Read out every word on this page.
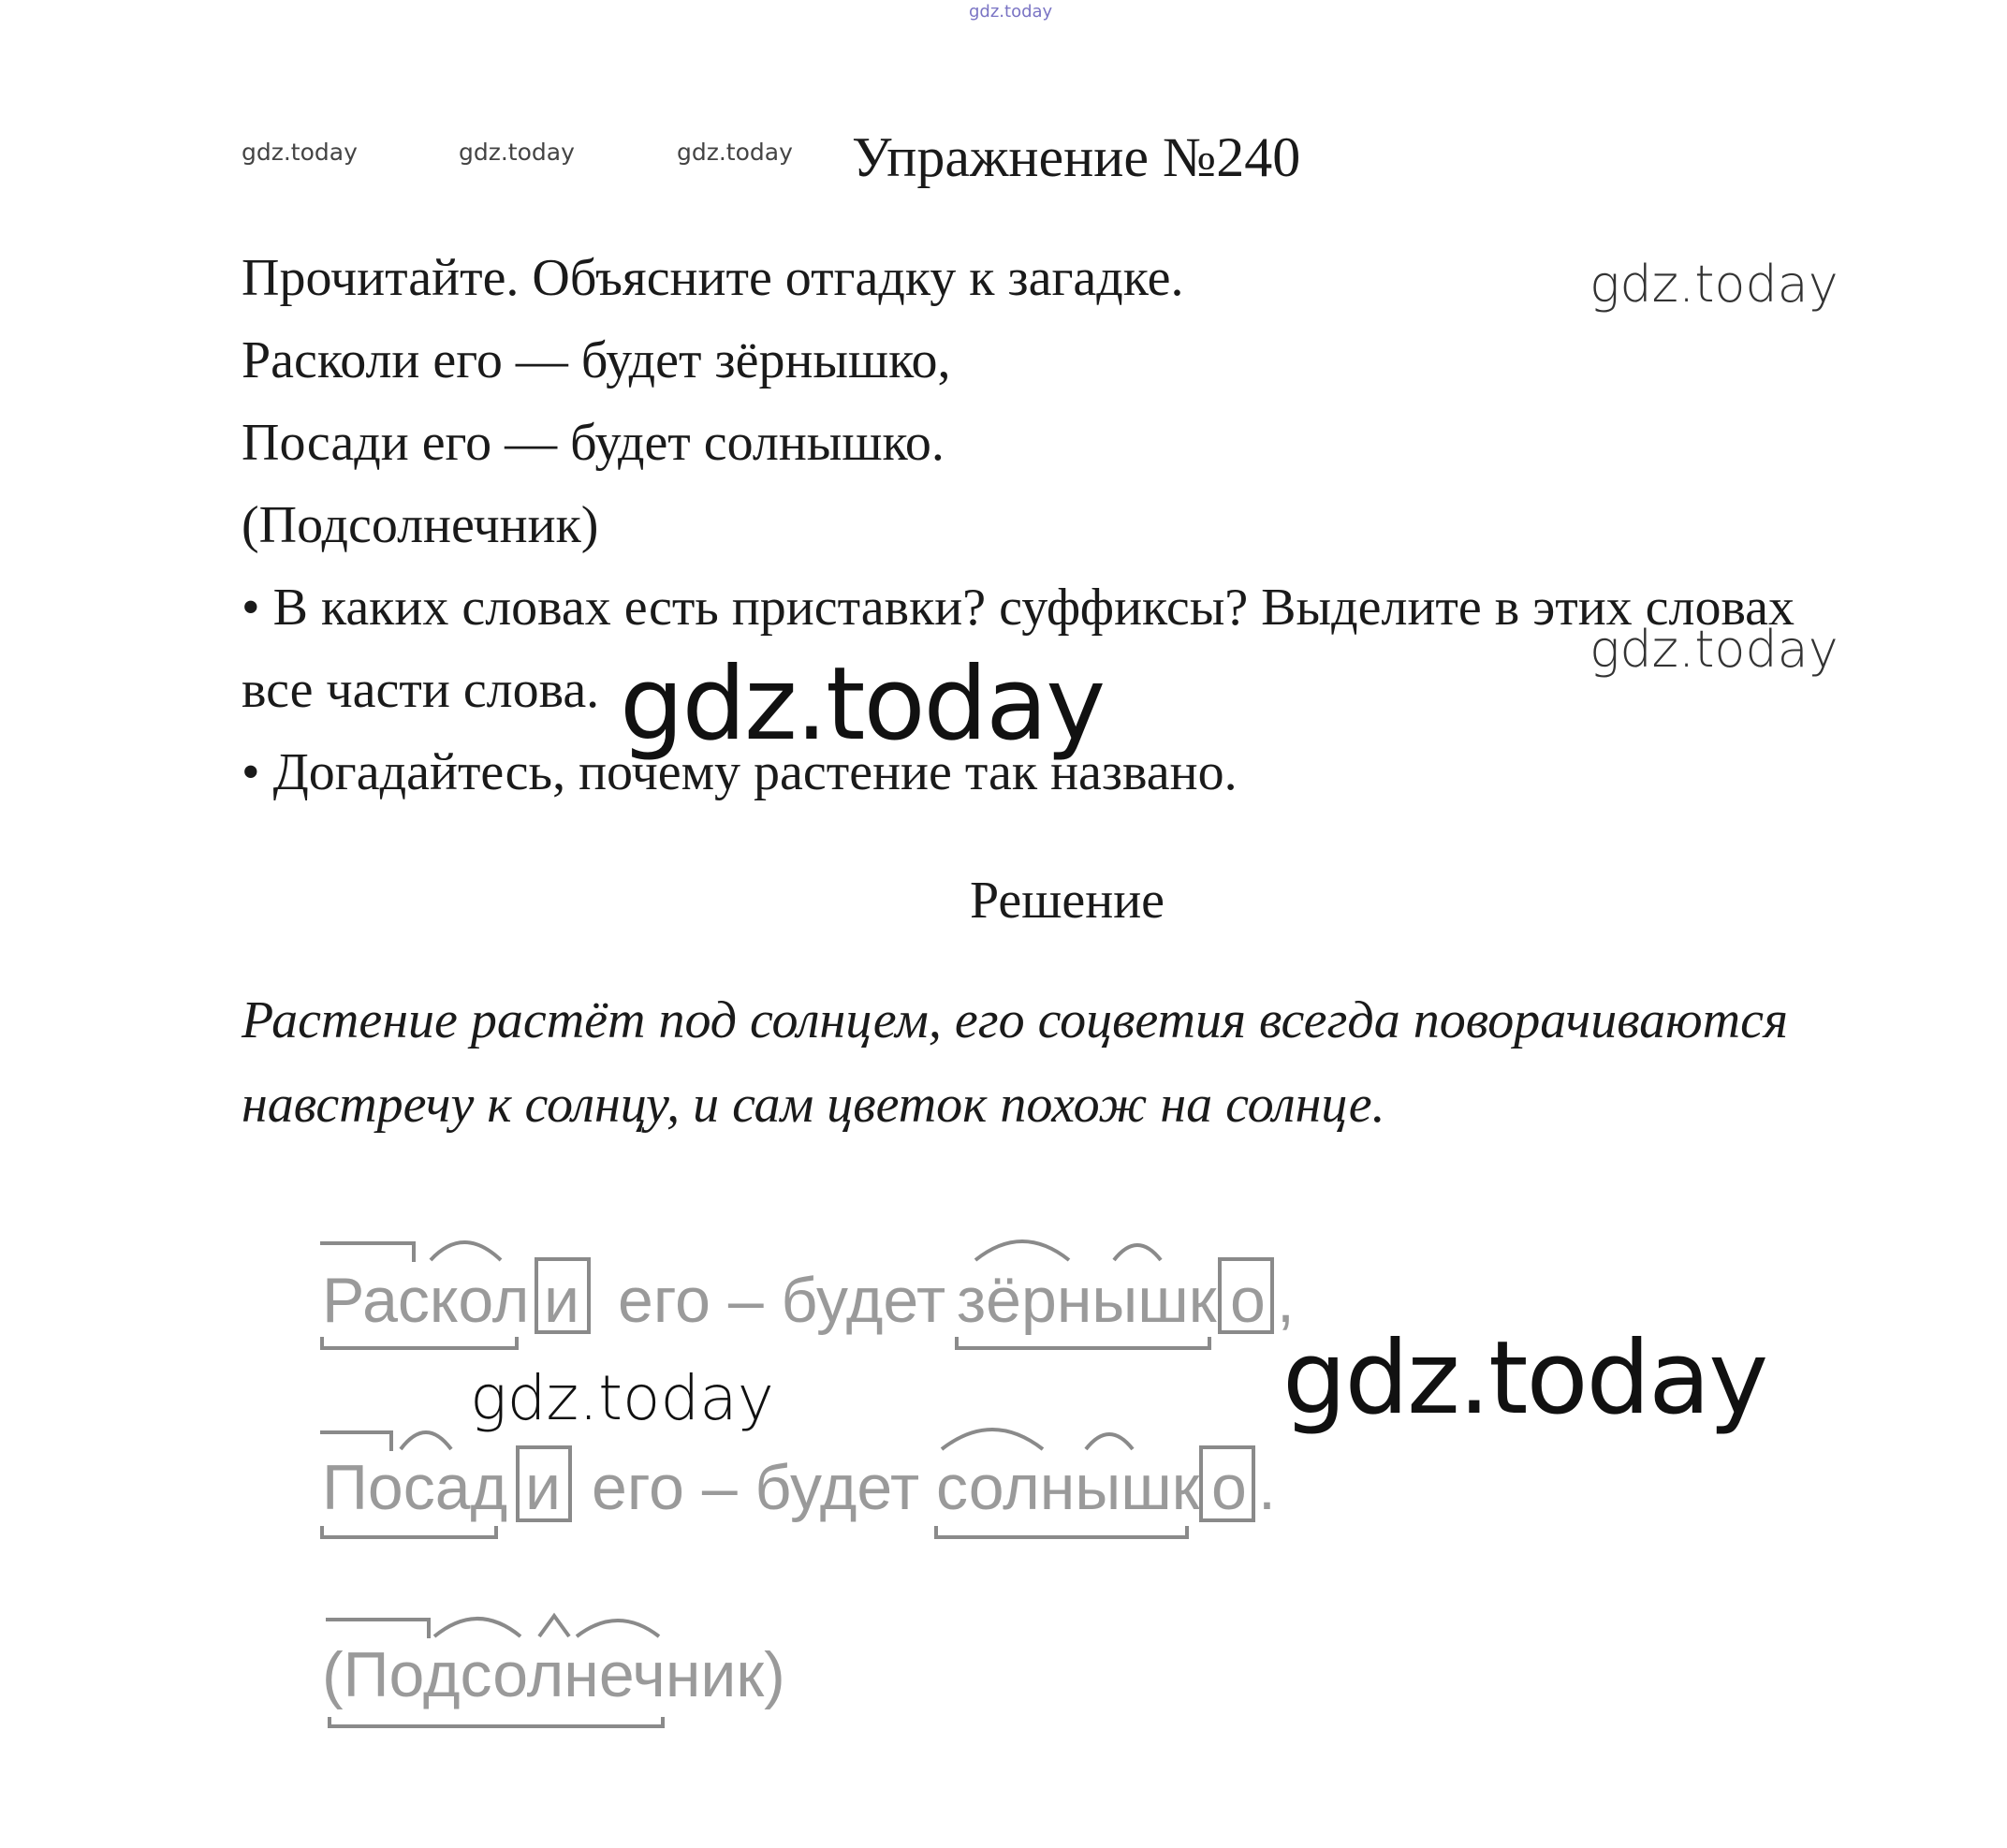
gdz.today
gdz.today	gdz.today	gdz.today
gdz.today
gdz.today
Упражнение №240
Прочитайте. Объясните отгадку к загадке.
Расколи его — будет зёрнышко,
Посади его — будет солнышко.
(Подсолнечник)
• В каких словах есть приставки? суффиксы? Выделите в этих словах
все части слова.
• Догадайтесь, почему растение так названо.
gdz.today
Решение
Растение растёт под солнцем, его соцветия всегда поворачиваются
навстречу к солнцу, и сам цветок похож на солнце.
Раскол и его – будет зёрнышк о ,
Посад и его – будет солнышк о .
(Подсолнечник)
gdz.today	gdz.today
